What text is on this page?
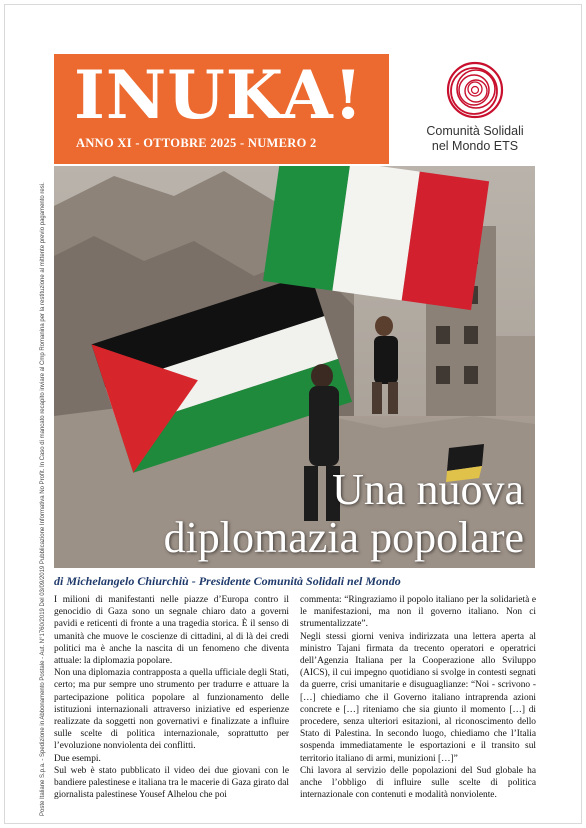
Poste Italiane S.p.a. - Spedizione in Abbonamento Postale - Aut. N°1760/2019 Del 03/09/2019 Pubblicazione Informativa No Profit. In Caso di mancato recapito inviare al Cmp Romanina per la restituzione al mittente previo pagamento resi.
INUKA!
ANNO XI - OTTOBRE 2025 - NUMERO 2
Comunità Solidali
nel Mondo ETS
Una nuova
diplomazia popolare
di Michelangelo Chiurchiù - Presidente Comunità Solidali nel Mondo

I milioni di manifestanti nelle piazze d’Europa contro il genocidio di Gaza sono un segnale chiaro dato a governi pavidi e reticenti di fronte a una tragedia storica. È il senso di umanità che muove le coscienze di cittadini, al di là dei credi politici ma è anche la nascita di un fenomeno che diventa attuale: la diplomazia popolare.

Non una diplomazia contrapposta a quella ufficiale degli Stati, certo; ma pur sempre uno strumento per tradurre e attuare la partecipazione politica popolare al funzionamento delle istituzioni internazionali attraverso iniziative ed esperienze realizzate da soggetti non governativi e finalizzate a influire sulle scelte di politica internazionale, soprattutto per l’evoluzione nonviolenta dei conflitti.

Due esempi.

Sul web è stato pubblicato il video dei due giovani con le bandiere palestinese e italiana tra le macerie di Gaza girato dal giornalista palestinese Yousef Alhelou che poi

commenta: “Ringraziamo il popolo italiano per la solidarietà e le manifestazioni, ma non il governo italiano. Non ci strumentalizzate”.

Negli stessi giorni veniva indirizzata una lettera aperta al ministro Tajani firmata da trecento operatori e operatrici dell’Agenzia Italiana per la Cooperazione allo Sviluppo (AICS), il cui impegno quotidiano si svolge in contesti segnati da guerre, crisi umanitarie e disuguaglianze: “Noi - scrivono - […] chiediamo che il Governo italiano intraprenda azioni concrete e […] riteniamo che sia giunto il momento […] di procedere, senza ulteriori esitazioni, al riconoscimento dello Stato di Palestina. In secondo luogo, chiediamo che l’Italia sospenda immediatamente le esportazioni e il transito sul territorio italiano di armi, munizioni […]”

Chi lavora al servizio delle popolazioni del Sud globale ha anche l’obbligo di influire sulle scelte di politica internazionale con contenuti e modalità nonviolente.
